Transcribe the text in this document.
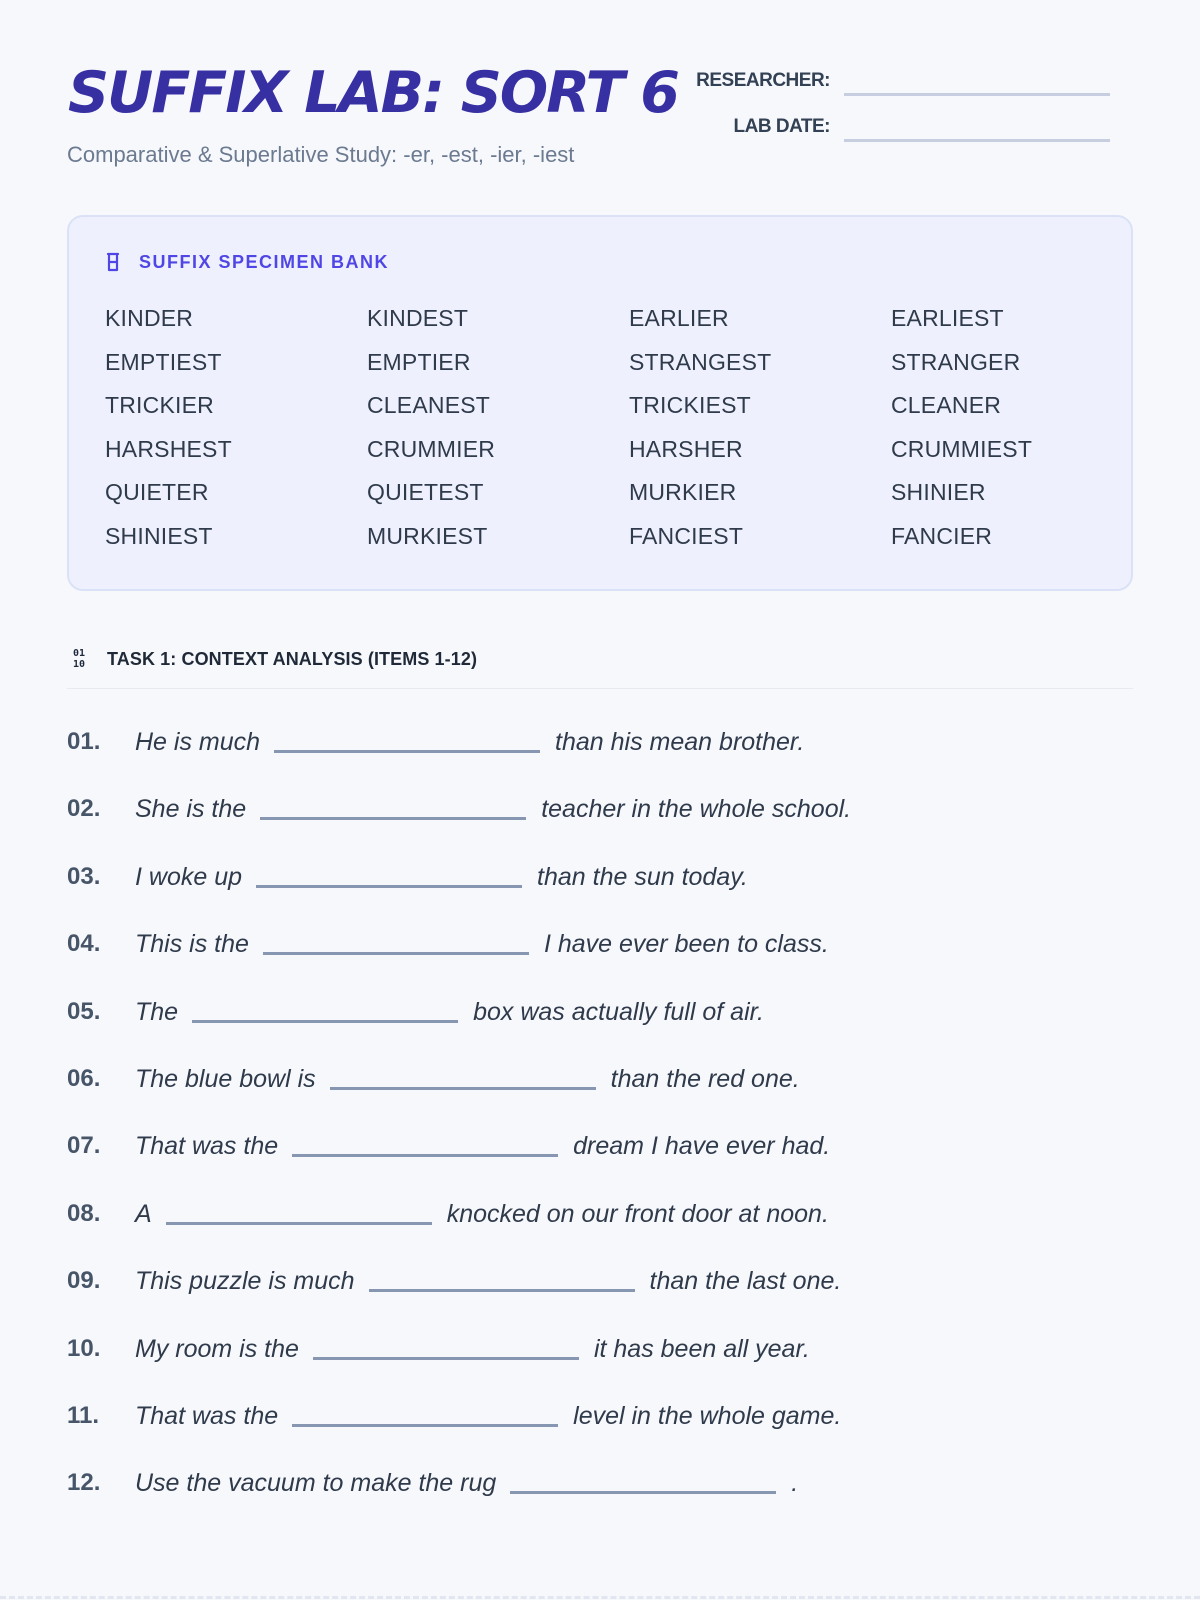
SUFFIX LAB: SORT 6
Comparative & Superlative Study: -er, -est, -ier, -iest
RESEARCHER:
LAB DATE:
SUFFIX SPECIMEN BANK
KINDER	KINDEST	EARLIER	EARLIEST
EMPTIEST	EMPTIER	STRANGEST	STRANGER
TRICKIER	CLEANEST	TRICKIEST	CLEANER
HARSHEST	CRUMMIER	HARSHER	CRUMMIEST
QUIETER	QUIETEST	MURKIER	SHINIER
SHINIEST	MURKIEST	FANCIEST	FANCIER
01
10 TASK 1: CONTEXT ANALYSIS (ITEMS 1-12)
01.	He is much	than his mean brother.
02.	She is the	teacher in the whole school.
03.	I woke up	than the sun today.
04.	This is the	I have ever been to class.
05.	The	box was actually full of air.
06.	The blue bowl is	than the red one.
07.	That was the	dream I have ever had.
08.	A	knocked on our front door at noon.
09.	This puzzle is much	than the last one.
10.	My room is the	it has been all year.
11.	That was the	level in the whole game.
12.	Use the vacuum to make the rug	.
